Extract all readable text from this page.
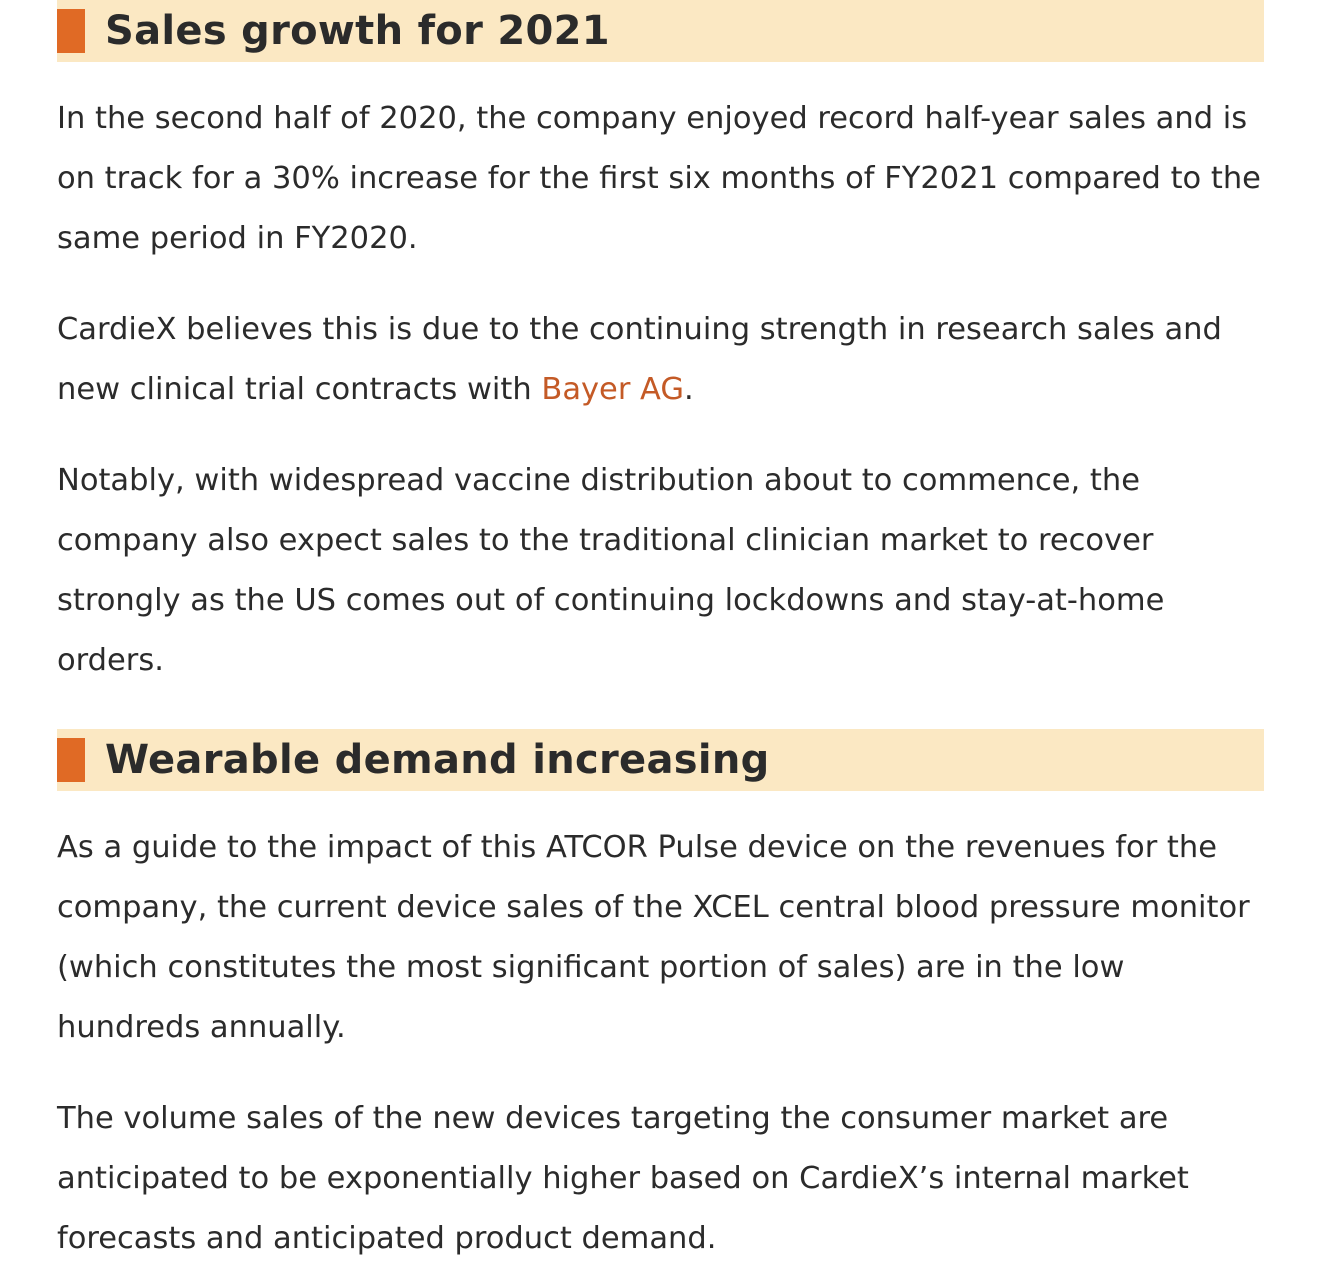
Sales growth for 2021

In the second half of 2020, the company enjoyed record half-year sales and is on track for a 30% increase for the first six months of FY2021 compared to the same period in FY2020.

CardieX believes this is due to the continuing strength in research sales and new clinical trial contracts with Bayer AG.

Notably, with widespread vaccine distribution about to commence, the company also expect sales to the traditional clinician market to recover strongly as the US comes out of continuing lockdowns and stay-at-home orders.

Wearable demand increasing

As a guide to the impact of this ATCOR Pulse device on the revenues for the company, the current device sales of the XCEL central blood pressure monitor (which constitutes the most significant portion of sales) are in the low hundreds annually.

The volume sales of the new devices targeting the consumer market are anticipated to be exponentially higher based on CardieX’s internal market forecasts and anticipated product demand.
